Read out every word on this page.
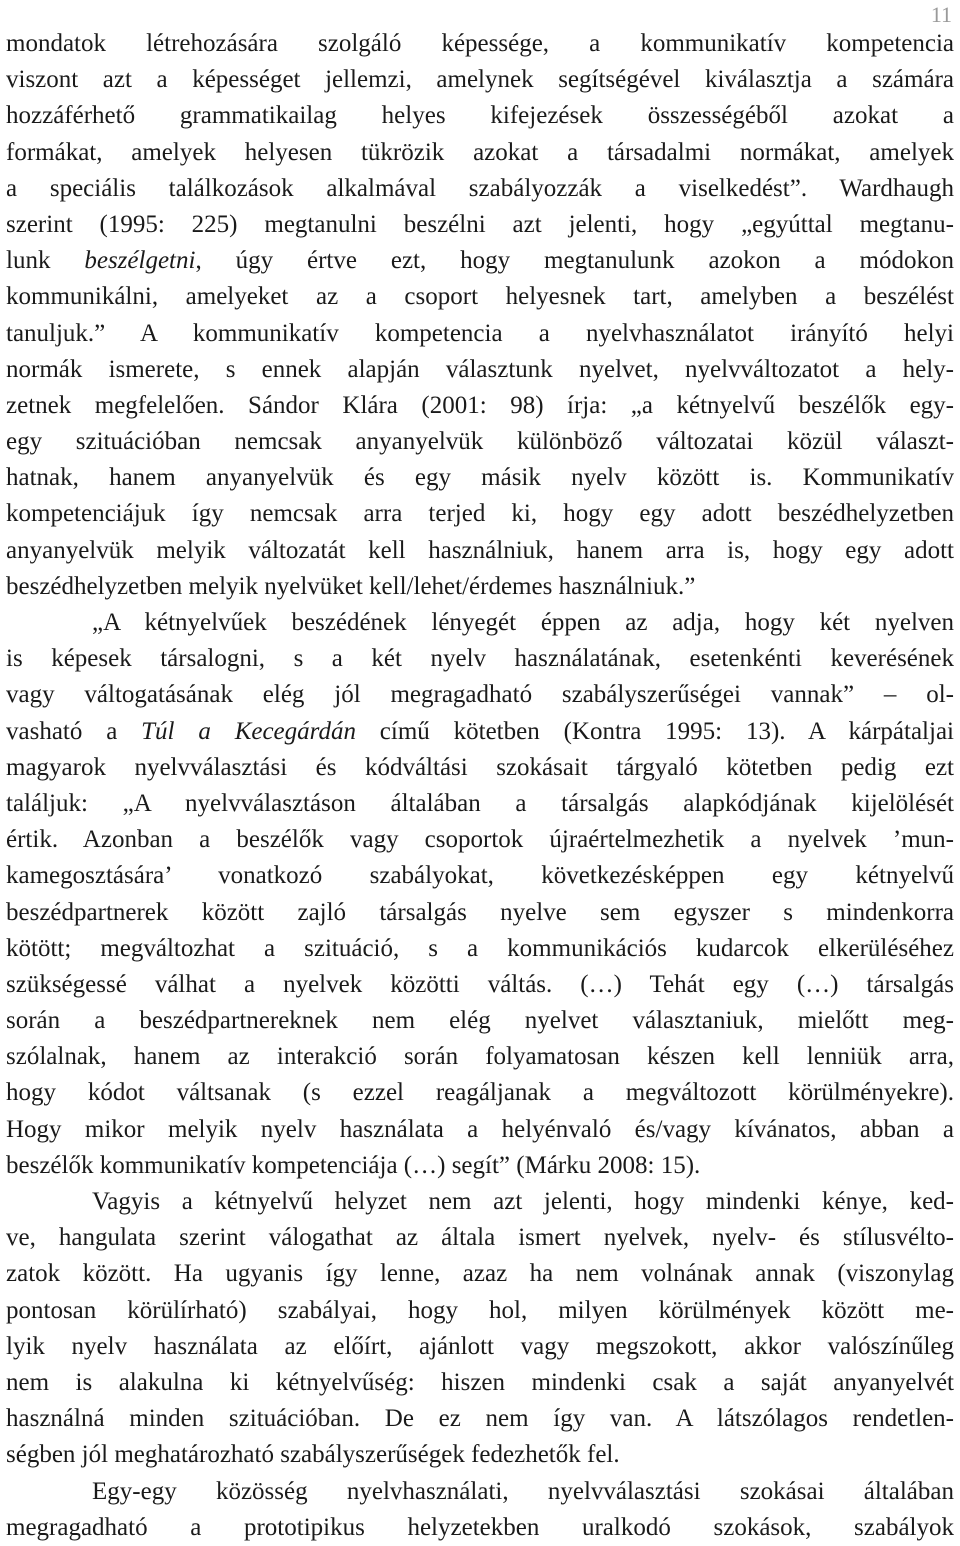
11
mondatok létrehozására szolgáló képessége, a kommunikatív kompetencia
viszont azt a képességet jellemzi, amelynek segítségével kiválasztja a számára
hozzáférhető grammatikailag helyes kifejezések összességéből azokat a
formákat, amelyek helyesen tükrözik azokat a társadalmi normákat, amelyek
a speciális találkozások alkalmával szabályozzák a viselkedést”. Wardhaugh
szerint (1995: 225) megtanulni beszélni azt jelenti, hogy „egyúttal megtanu-
lunk beszélgetni, úgy értve ezt, hogy megtanulunk azokon a módokon
kommunikálni, amelyeket az a csoport helyesnek tart, amelyben a beszélést
tanuljuk.” A kommunikatív kompetencia a nyelvhasználatot irányító helyi
normák ismerete, s ennek alapján választunk nyelvet, nyelvváltozatot a hely-
zetnek megfelelően. Sándor Klára (2001: 98) írja: „a kétnyelvű beszélők egy-
egy szituációban nemcsak anyanyelvük különböző változatai közül választ-
hatnak, hanem anyanyelvük és egy másik nyelv között is. Kommunikatív
kompetenciájuk így nemcsak arra terjed ki, hogy egy adott beszédhelyzetben
anyanyelvük melyik változatát kell használniuk, hanem arra is, hogy egy adott
beszédhelyzetben melyik nyelvüket kell/lehet/érdemes használniuk.”
„A kétnyelvűek beszédének lényegét éppen az adja, hogy két nyelven
is képesek társalogni, s a két nyelv használatának, esetenkénti keverésének
vagy váltogatásának elég jól megragadható szabályszerűségei vannak” – ol-
vasható a Túl a Kecegárdán című kötetben (Kontra 1995: 13). A kárpátaljai
magyarok nyelvválasztási és kódváltási szokásait tárgyaló kötetben pedig ezt
találjuk: „A nyelvválasztáson általában a társalgás alapkódjának kijelölését
értik. Azonban a beszélők vagy csoportok újraértelmezhetik a nyelvek ’mun-
kamegosztására’ vonatkozó szabályokat, következésképpen egy kétnyelvű
beszédpartnerek között zajló társalgás nyelve sem egyszer s mindenkorra
kötött; megváltozhat a szituáció, s a kommunikációs kudarcok elkerüléséhez
szükségessé válhat a nyelvek közötti váltás. (…) Tehát egy (…) társalgás
során a beszédpartnereknek nem elég nyelvet választaniuk, mielőtt meg-
szólalnak, hanem az interakció során folyamatosan készen kell lenniük arra,
hogy kódot váltsanak (s ezzel reagáljanak a megváltozott körülményekre).
Hogy mikor melyik nyelv használata a helyénvaló és/vagy kívánatos, abban a
beszélők kommunikatív kompetenciája (…) segít” (Márku 2008: 15).
Vagyis a kétnyelvű helyzet nem azt jelenti, hogy mindenki kénye, ked-
ve, hangulata szerint válogathat az általa ismert nyelvek, nyelv- és stílusvélto-
zatok között. Ha ugyanis így lenne, azaz ha nem volnának annak (viszonylag
pontosan körülírható) szabályai, hogy hol, milyen körülmények között me-
lyik nyelv használata az előírt, ajánlott vagy megszokott, akkor valószínűleg
nem is alakulna ki kétnyelvűség: hiszen mindenki csak a saját anyanyelvét
használná minden szituációban. De ez nem így van. A látszólagos rendetlen-
ségben jól meghatározható szabályszerűségek fedezhetők fel.
Egy-egy közösség nyelvhasználati, nyelvválasztási szokásai általában
megragadható a prototipikus helyzetekben uralkodó szokások, szabályok
